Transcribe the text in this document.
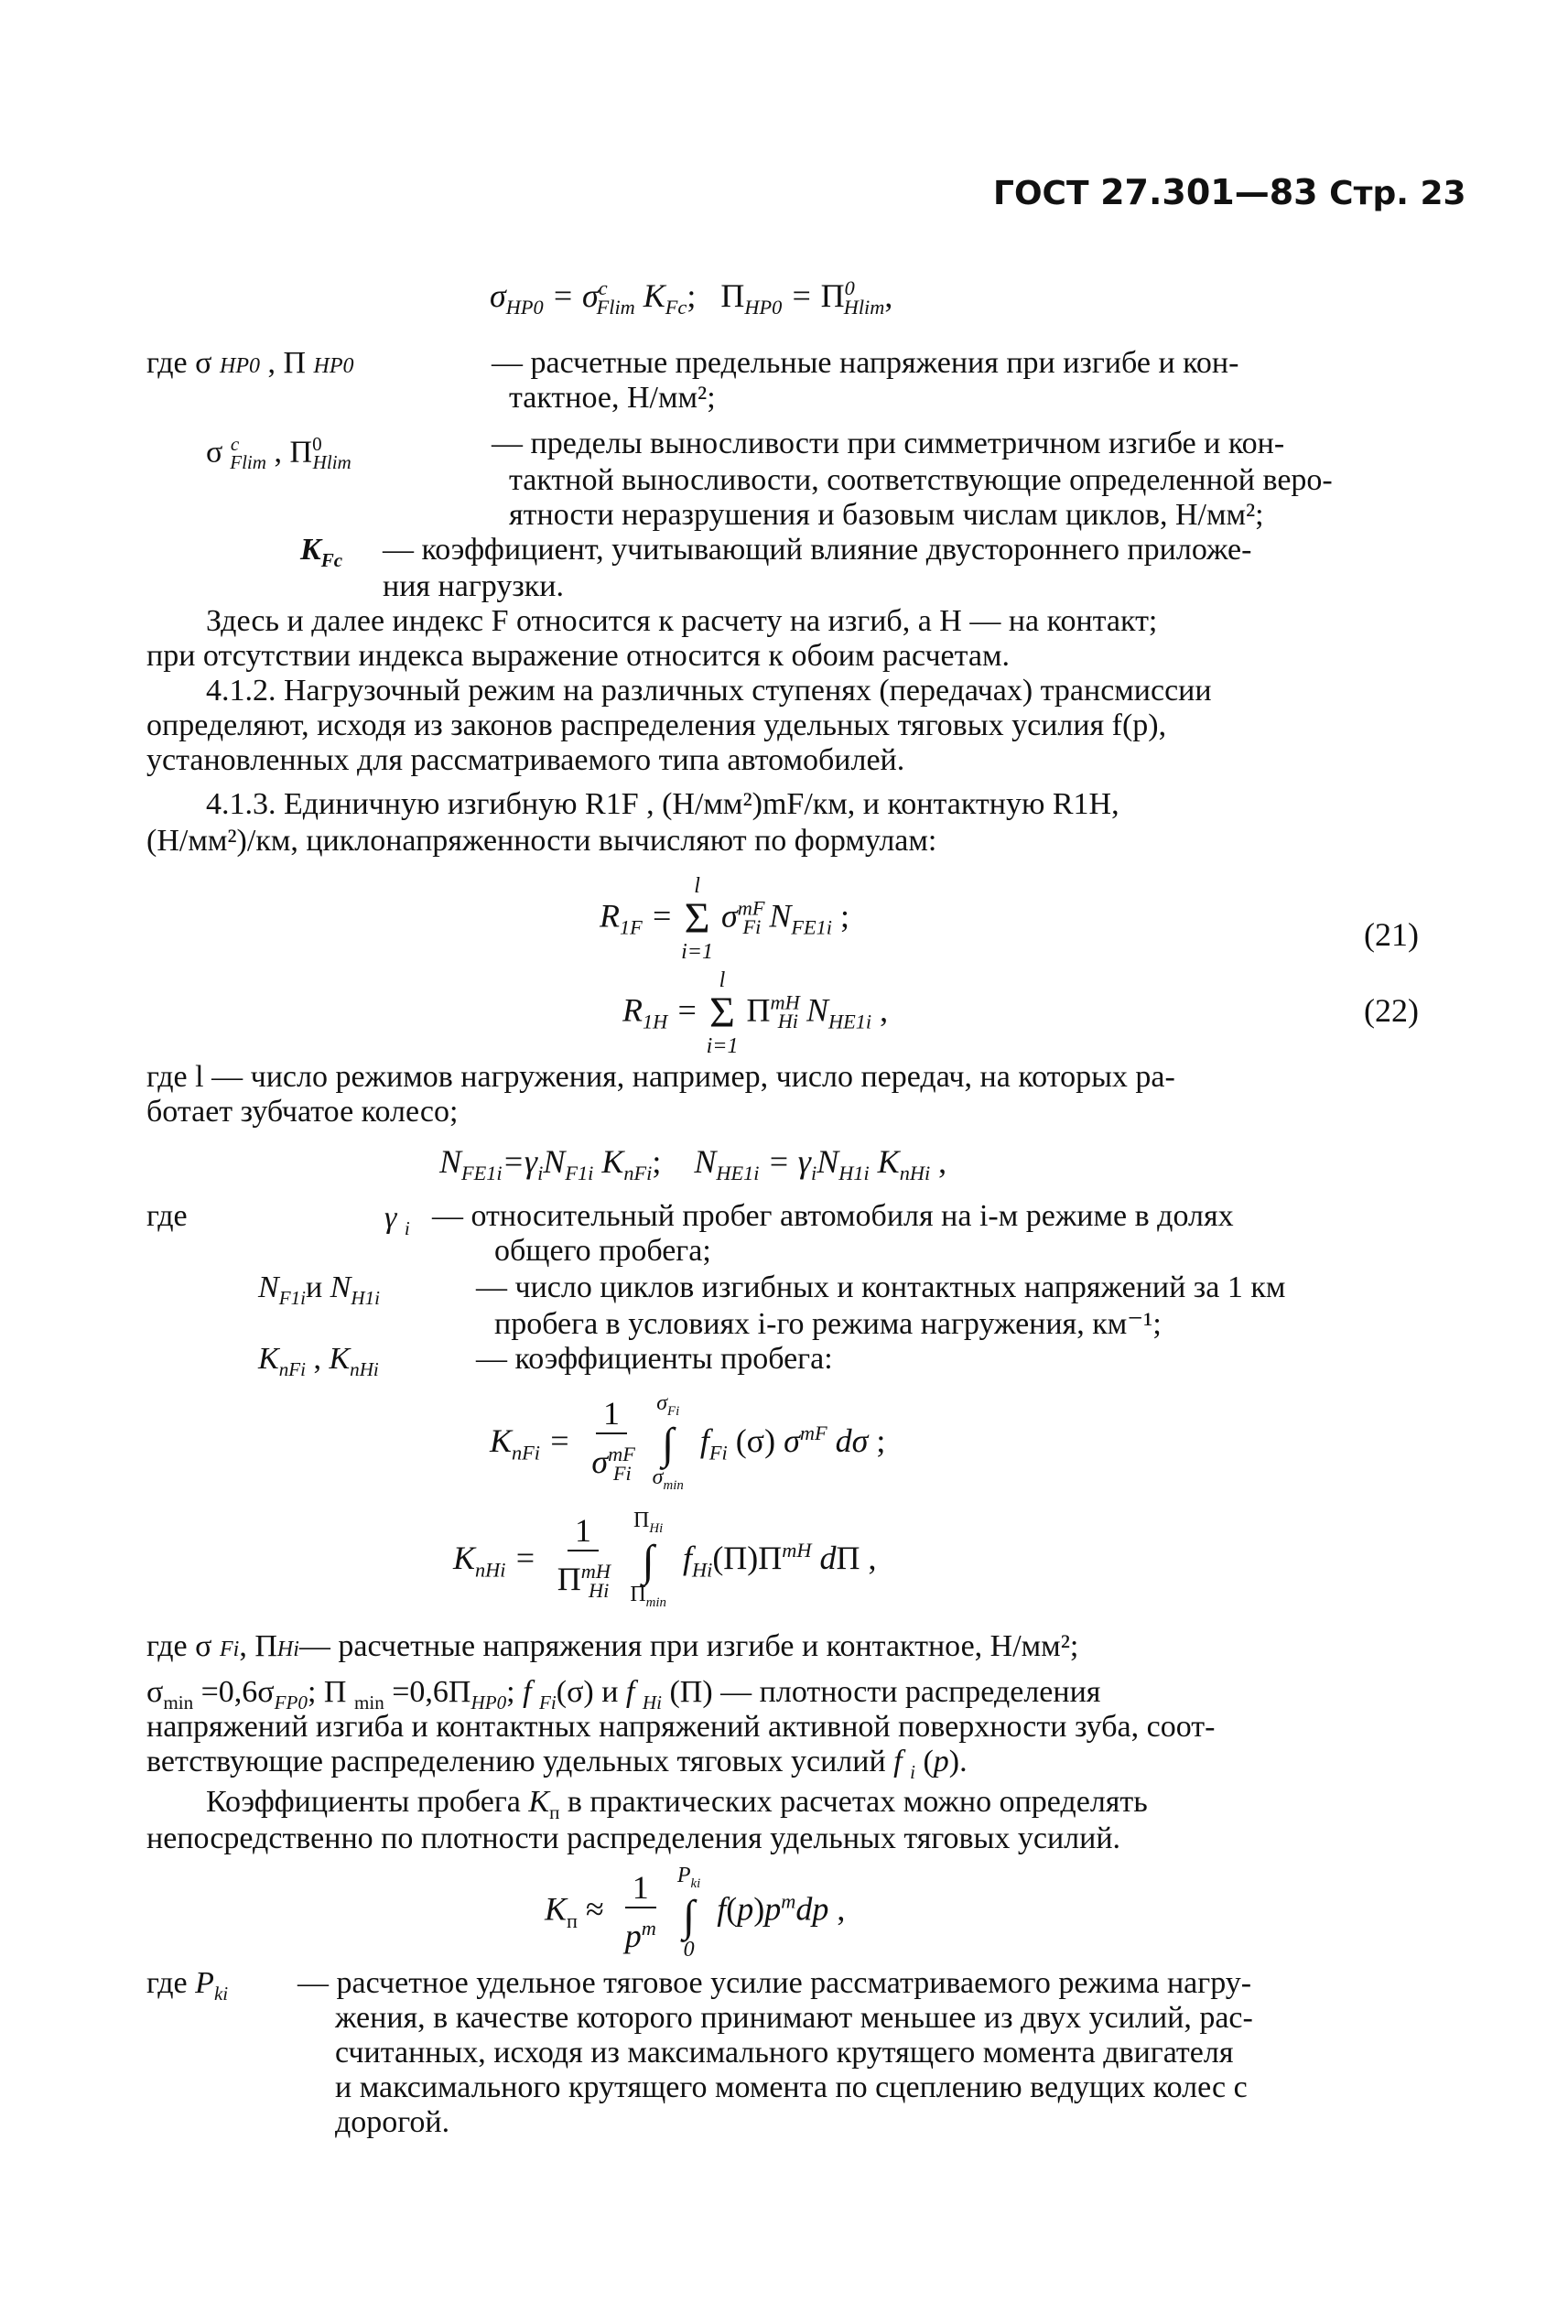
ГОСТ 27.301—83 Стр. 23
$\sigma_{HP0} = \sigma^c_{Flim}$ $K_{Fc}$; $\Pi_{HP0} = \Pi^0_{Hlim}$,
где σ HP0 , Π HP0	— расчетные предельные напряжения при изгибе и кон-
тактное, Н/мм²;
σ $^c_{Flim}$ , $\Pi^0_{Hlim}$
— пределы выносливости при симметричном изгибе и кон-
тактной выносливости, соответствующие определенной веро-
ятности неразрушения и базовым числам циклов, Н/мм²;
$K_{Fc}$ — коэффициент, учитывающий влияние двустороннего приложе-
ния нагрузки.
Здесь и далее индекс F относится к расчету на изгиб, а H — на контакт;
при отсутствии индекса выражение относится к обоим расчетам.
4.1.2. Нагрузочный режим на различных ступенях (передачах) трансмиссии
определяют, исходя из законов распределения удельных тяговых усилия f(p),
установленных для рассматриваемого типа автомобилей.
4.1.3. Единичную изгибную R1F , (Н/мм²)mF/км, и контактную R1H,
(Н/мм²)/км, циклонапряженности вычисляют по формулам:
$R_{1F}$ =
l
Σ
i=1
$\sigma^{mF}_{Fi}$ $N_{FE1i}$ ;
(21)
$R_{1H}$ =
l
Σ
i=1
$\Pi^{mH}_{Hi}$ $N_{HE1i}$ ,	(22)
где l — число режимов нагружения, например, число передач, на которых ра-
ботает зубчатое колесо;
$N_{FE1i}=\gamma_iN_{F1i}$ $K_{пFi}$;    $N_{HE1i} = \gamma_iN_{H1i}$ $K_{пHi}$ ,
где	γ $_i$ — относительный пробег автомобиля на i-м режиме в долях
общего пробега;
$N_{F1i}и$ $N_{H1i}$	— число циклов изгибных и контактных напряжений за 1 км
пробега в условиях i-го режима нагружения, км⁻¹;
$K_{пFi}$ , $K_{пHi}$	— коэффициенты пробега:
$K_{пFi} = \frac{1}{\sigma^{mF}_{Fi}}$
$\sigma_{Fi}$
∫
$\sigma_{min}$
$f_{Fi}$ (σ) $\sigma^{mF}$ dσ ;
$K_{пHi} = \frac{1}{\Pi^{mH}_{Hi}}$
$\Pi_{Hi}$
∫
$\Pi_{min}$
$f_{Hi}(\Pi)\Pi^{mH}$ dΠ ,
где σ Fi, ΠHi— расчетные напряжения при изгибе и контактное, Н/мм²;
$\sigma_{min} =0,6\sigma_{FP0}$; Π $_{min} =0,6\Pi_{HP0}$; f $_{Fi}$(σ) и f $_{Hi}$ (Π) — плотности распределения
напряжений изгиба и контактных напряжений активной поверхности зуба, соот-
ветствующие распределению удельных тяговых усилий f $_i$ (p).
Коэффициенты пробега $K_п$ в практических расчетах можно определять
непосредственно по плотности распределения удельных тяговых усилий.
$K_п \approx \frac{1}{p^m}$
$P_{ki}$
∫
0
$f(p)p^mdp$ ,
где $P_{ki}$ — расчетное удельное тяговое усилие рассматриваемого режима нагру-
жения, в качестве которого принимают меньшее из двух усилий, рас-
считанных, исходя из максимального крутящего момента двигателя
и максимального крутящего момента по сцеплению ведущих колес с
дорогой.
